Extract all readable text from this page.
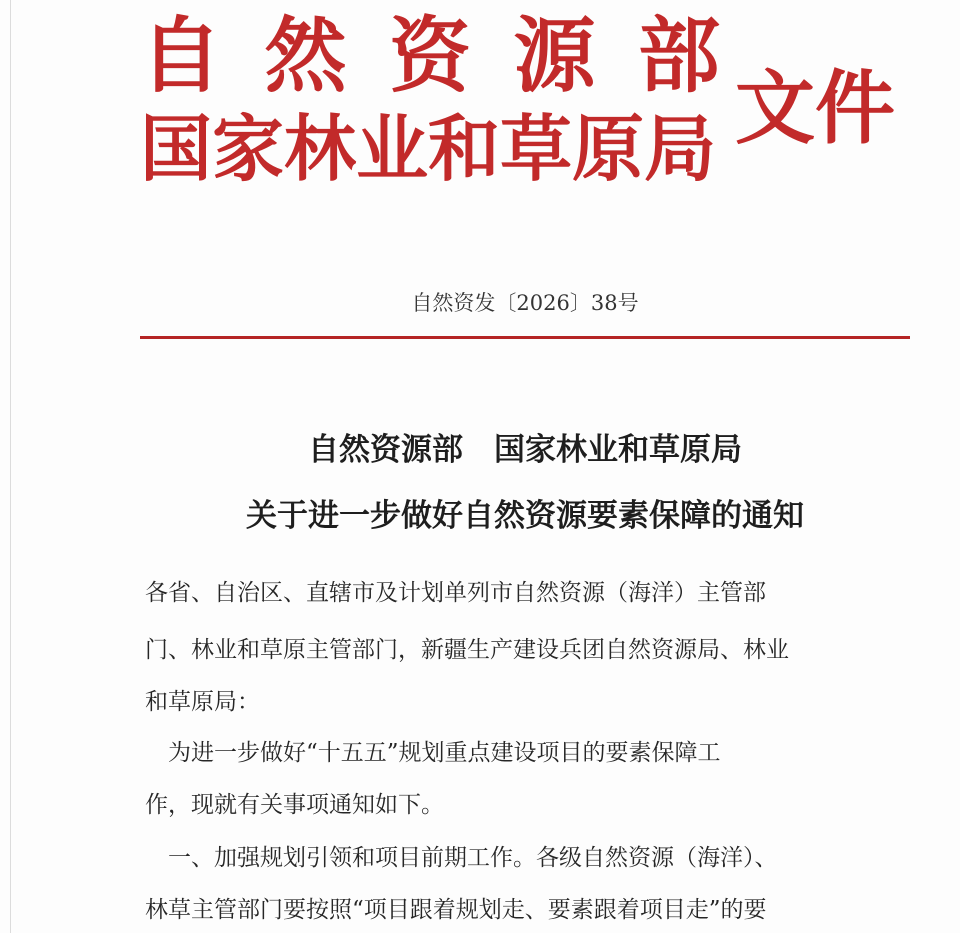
自 然 资 源 部
国家林业和草原局 文件
自然资发〔2026〕38号
自然资源部　国家林业和草原局
关于进一步做好自然资源要素保障的通知
各省、自治区、直辖市及计划单列市自然资源（海洋）主管部
门、林业和草原主管部门，新疆生产建设兵团自然资源局、林业
和草原局：
　为进一步做好“十五五”规划重点建设项目的要素保障工
作，现就有关事项通知如下。
　一、加强规划引领和项目前期工作。各级自然资源（海洋）、
林草主管部门要按照“项目跟着规划走、要素跟着项目走”的要
